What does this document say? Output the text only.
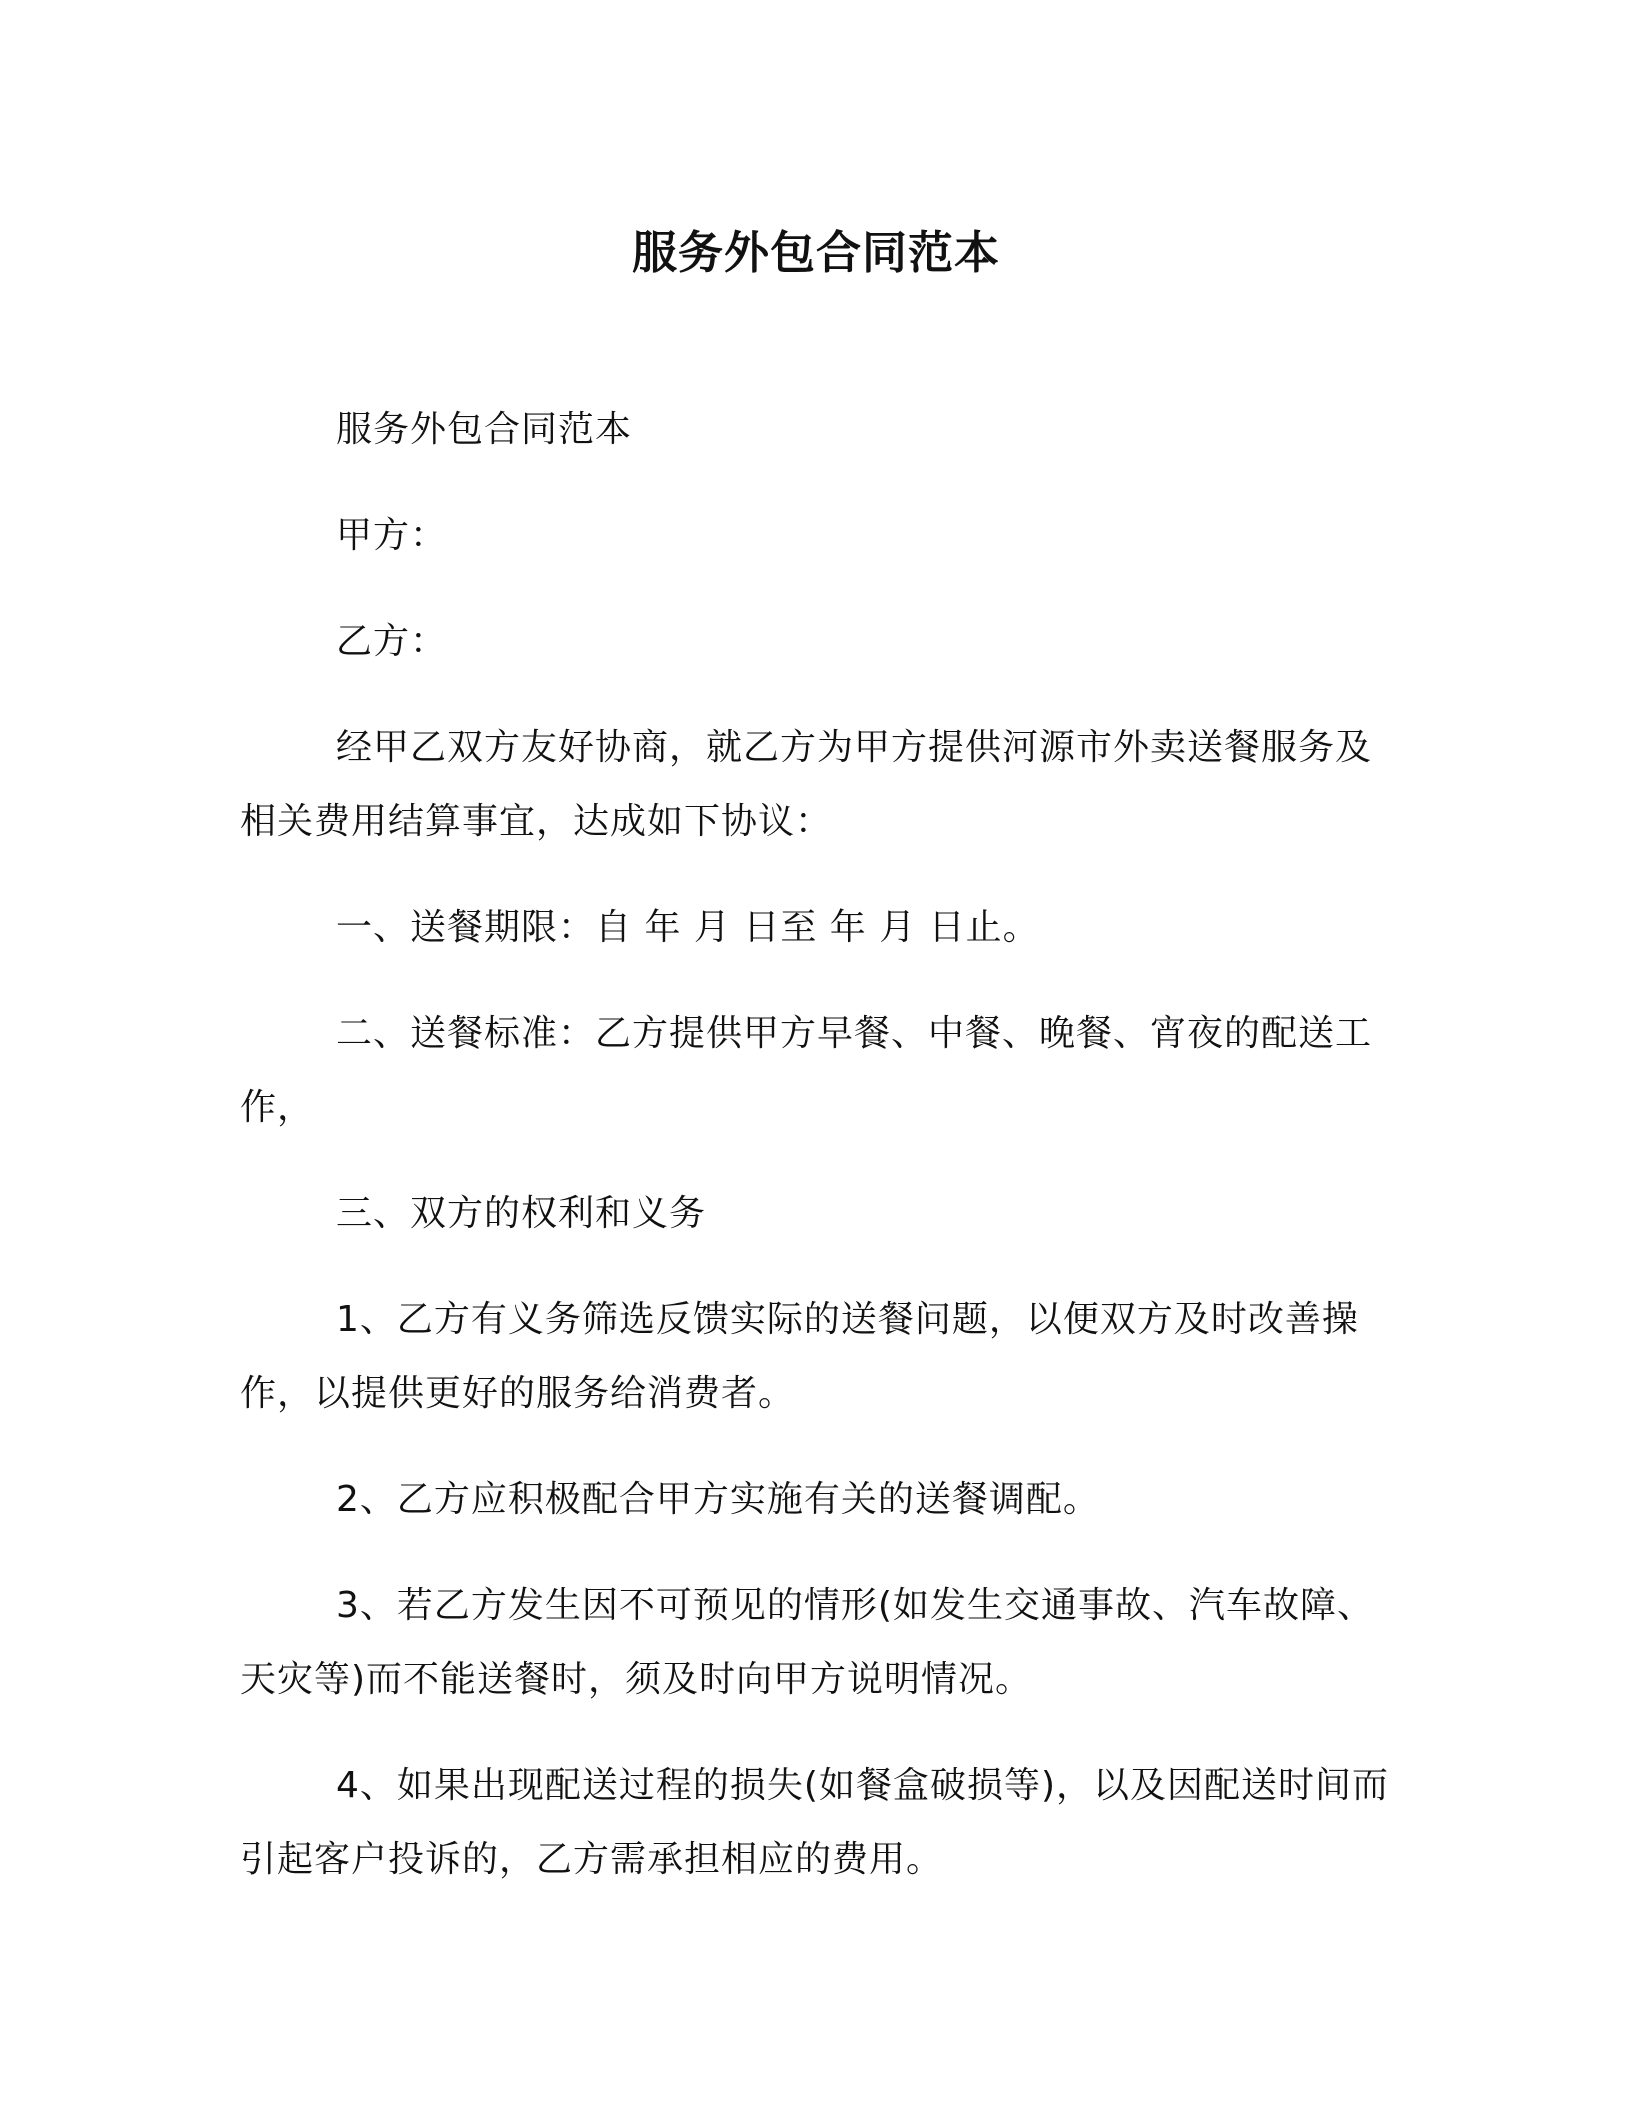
服务外包合同范本

服务外包合同范本

甲方：

乙方：

经甲乙双方友好协商，就乙方为甲方提供河源市外卖送餐服务及相关费用结算事宜，达成如下协议：

一、送餐期限：自 年 月 日至 年 月 日止。

二、送餐标准：乙方提供甲方早餐、中餐、晚餐、宵夜的配送工作，

三、双方的权利和义务

1、乙方有义务筛选反馈实际的送餐问题，以便双方及时改善操作，以提供更好的服务给消费者。

2、乙方应积极配合甲方实施有关的送餐调配。

3、若乙方发生因不可预见的情形(如发生交通事故、汽车故障、天灾等)而不能送餐时，须及时向甲方说明情况。

4、如果出现配送过程的损失(如餐盒破损等)，以及因配送时间而引起客户投诉的，乙方需承担相应的费用。
